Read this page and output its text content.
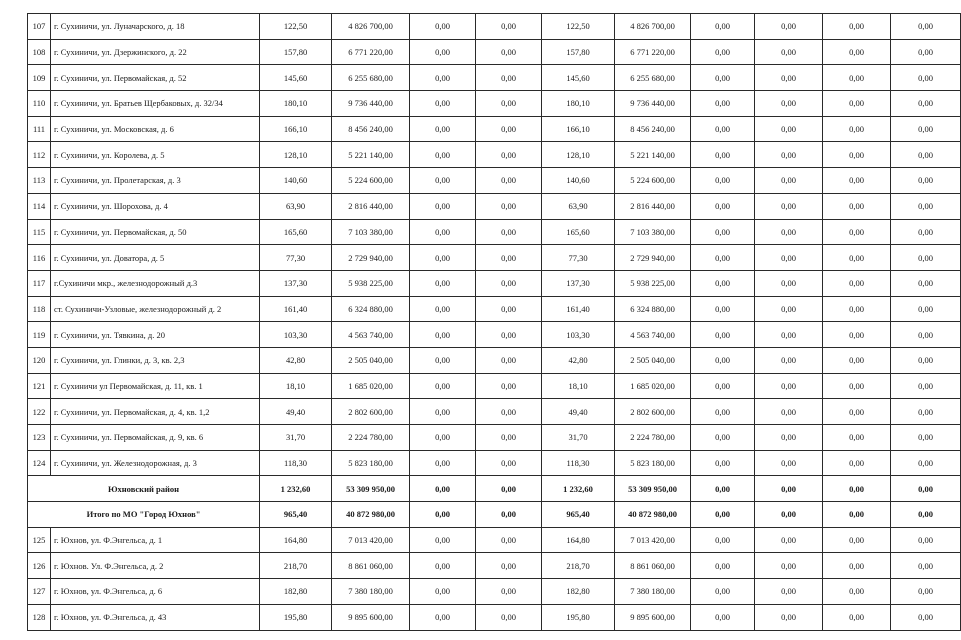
107	г. Сухиничи, ул. Луначарского, д. 18	122,50	4 826 700,00	0,00	0,00	122,50	4 826 700,00	0,00	0,00	0,00	0,00
108	г. Сухиничи, ул. Дзержинского, д. 22	157,80	6 771 220,00	0,00	0,00	157,80	6 771 220,00	0,00	0,00	0,00	0,00
109	г. Сухиничи, ул. Первомайская, д. 52	145,60	6 255 680,00	0,00	0,00	145,60	6 255 680,00	0,00	0,00	0,00	0,00
110	г. Сухиничи, ул. Братьев Щербаковых, д. 32/34	180,10	9 736 440,00	0,00	0,00	180,10	9 736 440,00	0,00	0,00	0,00	0,00
111	г. Сухиничи, ул. Московская, д. 6	166,10	8 456 240,00	0,00	0,00	166,10	8 456 240,00	0,00	0,00	0,00	0,00
112	г. Сухиничи, ул. Королева, д. 5	128,10	5 221 140,00	0,00	0,00	128,10	5 221 140,00	0,00	0,00	0,00	0,00
113	г. Сухиничи, ул. Пролетарская, д. 3	140,60	5 224 600,00	0,00	0,00	140,60	5 224 600,00	0,00	0,00	0,00	0,00
114	г. Сухиничи, ул. Шорохова, д. 4	63,90	2 816 440,00	0,00	0,00	63,90	2 816 440,00	0,00	0,00	0,00	0,00
115	г. Сухиничи, ул. Первомайская, д. 50	165,60	7 103 380,00	0,00	0,00	165,60	7 103 380,00	0,00	0,00	0,00	0,00
116	г. Сухиничи, ул. Доватора, д. 5	77,30	2 729 940,00	0,00	0,00	77,30	2 729 940,00	0,00	0,00	0,00	0,00
117	г.Сухиничи мкр., железнодорожный д.3	137,30	5 938 225,00	0,00	0,00	137,30	5 938 225,00	0,00	0,00	0,00	0,00
118	ст. Сухиничи-Узловые, железнодорожный д. 2	161,40	6 324 880,00	0,00	0,00	161,40	6 324 880,00	0,00	0,00	0,00	0,00
119	г. Сухиничи, ул. Тявкина, д. 20	103,30	4 563 740,00	0,00	0,00	103,30	4 563 740,00	0,00	0,00	0,00	0,00
120	г. Сухиничи, ул. Глинки, д. 3, кв. 2,3	42,80	2 505 040,00	0,00	0,00	42,80	2 505 040,00	0,00	0,00	0,00	0,00
121	г. Сухиничи ул Первомайская, д. 11, кв. 1	18,10	1 685 020,00	0,00	0,00	18,10	1 685 020,00	0,00	0,00	0,00	0,00
122	г. Сухиничи, ул. Первомайская, д. 4, кв. 1,2	49,40	2 802 600,00	0,00	0,00	49,40	2 802 600,00	0,00	0,00	0,00	0,00
123	г. Сухиничи, ул. Первомайская, д. 9, кв. 6	31,70	2 224 780,00	0,00	0,00	31,70	2 224 780,00	0,00	0,00	0,00	0,00
124	г. Сухиничи, ул. Железнодорожная, д. 3	118,30	5 823 180,00	0,00	0,00	118,30	5 823 180,00	0,00	0,00	0,00	0,00
Юхновский район		1 232,60	53 309 950,00	0,00	0,00	1 232,60	53 309 950,00	0,00	0,00	0,00	0,00
Итого по МО "Город Юхнов"		965,40	40 872 980,00	0,00	0,00	965,40	40 872 980,00	0,00	0,00	0,00	0,00
125	г. Юхнов, ул. Ф.Энгельса, д. 1	164,80	7 013 420,00	0,00	0,00	164,80	7 013 420,00	0,00	0,00	0,00	0,00
126	г. Юхнов. Ул. Ф.Энгельса, д. 2	218,70	8 861 060,00	0,00	0,00	218,70	8 861 060,00	0,00	0,00	0,00	0,00
127	г. Юхнов, ул. Ф.Энгельса, д. 6	182,80	7 380 180,00	0,00	0,00	182,80	7 380 180,00	0,00	0,00	0,00	0,00
128	г. Юхнов, ул. Ф.Энгельса, д. 43	195,80	9 895 600,00	0,00	0,00	195,80	9 895 600,00	0,00	0,00	0,00	0,00
